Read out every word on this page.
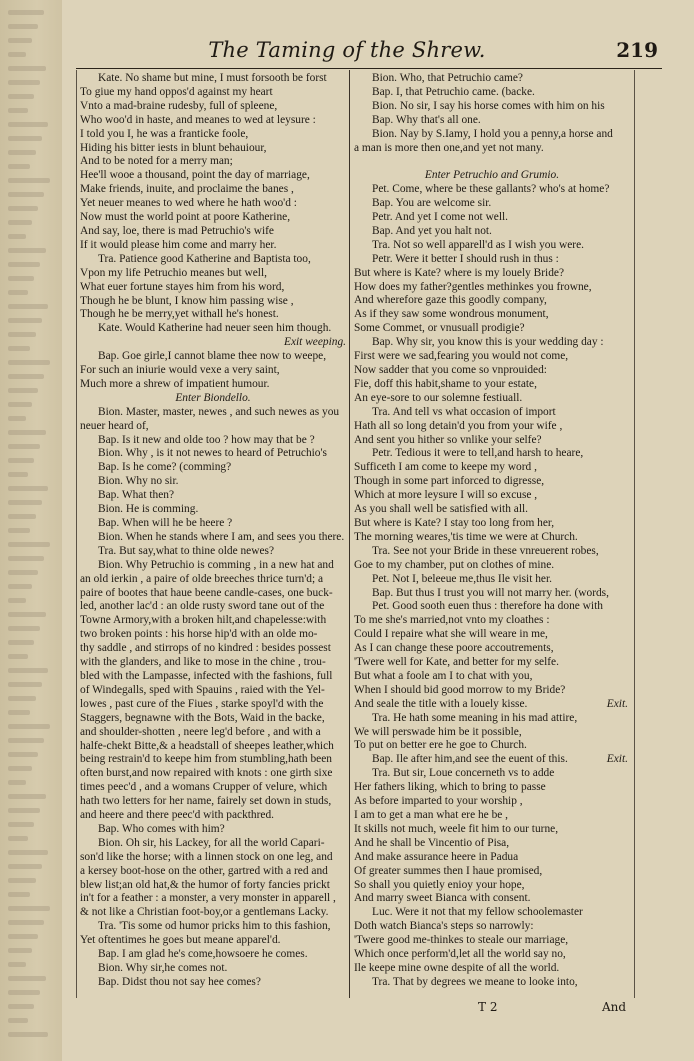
The Taming of the Shrew.	219
Kate. No shame but mine, I must forsooth be forst
To giue my hand oppos'd against my heart
Vnto a mad-braine rudesby, full of spleene,
Who woo'd in haste, and meanes to wed at leysure :
I told you I, he was a franticke foole,
Hiding his bitter iests in blunt behauiour,
And to be noted for a merry man;
Hee'll wooe a thousand, point the day of marriage,
Make friends, inuite, and proclaime the banes ,
Yet neuer meanes to wed where he hath woo'd :
Now must the world point at poore Katherine,
And say, loe, there is mad Petruchio's wife
If it would please him come and marry her.
Tra. Patience good Katherine and Baptista too,
Vpon my life Petruchio meanes but well,
What euer fortune stayes him from his word,
Though he be blunt, I know him passing wise ,
Though he be merry,yet withall he's honest.
Kate. Would Katherine had neuer seen him though.
Exit weeping.
Bap. Goe girle,I cannot blame thee now to weepe,
For such an iniurie would vexe a very saint,
Much more a shrew of impatient humour.
Enter Biondello.
Bion. Master, master, newes , and such newes as you
neuer heard of,
Bap. Is it new and olde too ? how may that be ?
Bion. Why , is it not newes to heard of Petruchio's
Bap. Is he come? (comming?
Bion. Why no sir.
Bap. What then?
Bion. He is comming.
Bap. When will he be heere ?
Bion. When he stands where I am, and sees you there.
Tra. But say,what to thine olde newes?
Bion. Why Petruchio is comming , in a new hat and
an old ierkin , a paire of olde breeches thrice turn'd; a
paire of bootes that haue beene candle-cases, one buck-
led, another lac'd : an olde rusty sword tane out of the
Towne Armory,with a broken hilt,and chapelesse:with
two broken points : his horse hip'd with an olde mo-
thy saddle , and stirrops of no kindred : besides possest
with the glanders, and like to mose in the chine , trou-
bled with the Lampasse, infected with the fashions, full
of Windegalls, sped with Spauins , raied with the Yel-
lowes , past cure of the Fiues , starke spoyl'd with the
Staggers, begnawne with the Bots, Waid in the backe,
and shoulder-shotten , neere leg'd before , and with a
halfe-chekt Bitte,& a headstall of sheepes leather,which
being restrain'd to keepe him from stumbling,hath been
often burst,and now repaired with knots : one girth sixe
times peec'd , and a womans Crupper of velure, which
hath two letters for her name, fairely set down in studs,
and heere and there peec'd with packthred.
Bap. Who comes with him?
Bion. Oh sir, his Lackey, for all the world Capari-
son'd like the horse; with a linnen stock on one leg, and
a kersey boot-hose on the other, gartred with a red and
blew list;an old hat,& the humor of forty fancies prickt
in't for a feather : a monster, a very monster in apparell ,
& not like a Christian foot-boy,or a gentlemans Lacky.
Tra. 'Tis some od humor pricks him to this fashion,
Yet oftentimes he goes but meane apparel'd.
Bap. I am glad he's come,howsoere he comes.
Bion. Why sir,he comes not.
Bap. Didst thou not say hee comes?
Bion. Who, that Petruchio came?
Bap. I, that Petruchio came. (backe.
Bion. No sir, I say his horse comes with him on his
Bap. Why that's all one.
Bion. Nay by S.Iamy, I hold you a penny,a horse and
a man is more then one,and yet not many.
Enter Petruchio and Grumio.
Pet. Come, where be these gallants? who's at home?
Bap. You are welcome sir.
Petr. And yet I come not well.
Bap. And yet you halt not.
Tra. Not so well apparell'd as I wish you were.
Petr. Were it better I should rush in thus :
But where is Kate? where is my louely Bride?
How does my father?gentles methinkes you frowne,
And wherefore gaze this goodly company,
As if they saw some wondrous monument,
Some Commet, or vnusuall prodigie?
Bap. Why sir, you know this is your wedding day :
First were we sad,fearing you would not come,
Now sadder that you come so vnprouided:
Fie, doff this habit,shame to your estate,
An eye-sore to our solemne festiuall.
Tra. And tell vs what occasion of import
Hath all so long detain'd you from your wife ,
And sent you hither so vnlike your selfe?
Petr. Tedious it were to tell,and harsh to heare,
Sufficeth I am come to keepe my word ,
Though in some part inforced to digresse,
Which at more leysure I will so excuse ,
As you shall well be satisfied with all.
But where is Kate? I stay too long from her,
The morning weares,'tis time we were at Church.
Tra. See not your Bride in these vnreuerent robes,
Goe to my chamber, put on clothes of mine.
Pet. Not I, beleeue me,thus Ile visit her.
Bap. But thus I trust you will not marry her. (words,
Pet. Good sooth euen thus : therefore ha done with
To me she's married,not vnto my cloathes :
Could I repaire what she will weare in me,
As I can change these poore accoutrements,
'Twere well for Kate, and better for my selfe.
But what a foole am I to chat with you,
When I should bid good morrow to my Bride?
And seale the title with a louely kisse.	Exit.
Tra. He hath some meaning in his mad attire,
We will perswade him be it possible,
To put on better ere he goe to Church.
Bap. Ile after him,and see the euent of this.	Exit.
Tra. But sir, Loue concerneth vs to adde
Her fathers liking, which to bring to passe
As before imparted to your worship ,
I am to get a man what ere he be ,
It skills not much, weele fit him to our turne,
And he shall be Vincentio of Pisa,
And make assurance heere in Padua
Of greater summes then I haue promised,
So shall you quietly enioy your hope,
And marry sweet Bianca with consent.
Luc. Were it not that my fellow schoolemaster
Doth watch Bianca's steps so narrowly:
'Twere good me-thinkes to steale our marriage,
Which once perform'd,let all the world say no,
Ile keepe mine owne despite of all the world.
Tra. That by degrees we meane to looke into,
T 2	And
